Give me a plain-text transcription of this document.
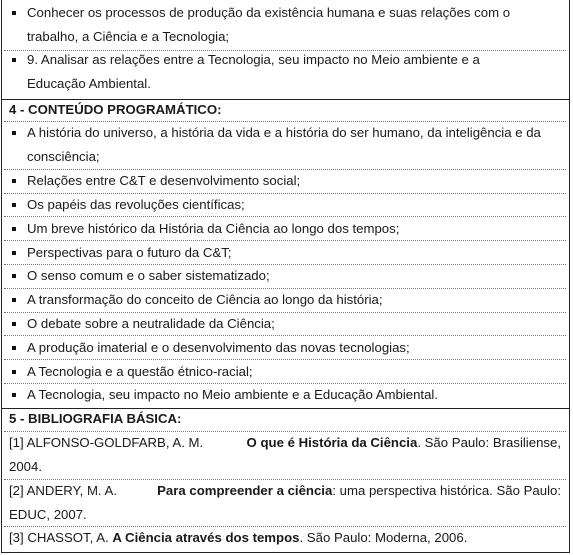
Conhecer os processos de produção da existência humana e suas relações com o
trabalho, a Ciência e a Tecnologia;
9. Analisar as relações entre a Tecnologia, seu impacto no Meio ambiente e a
Educação Ambiental.
4 - CONTEÚDO PROGRAMÁTICO:
A história do universo, a história da vida e a história do ser humano, da inteligência e da
consciência;
Relações entre C&T e desenvolvimento social;
Os papéis das revoluções científicas;
Um breve histórico da História da Ciência ao longo dos tempos;
Perspectivas para o futuro da C&T;
O senso comum e o saber sistematizado;
A transformação do conceito de Ciência ao longo da história;
O debate sobre a neutralidade da Ciência;
A produção imaterial e o desenvolvimento das novas tecnologias;
A Tecnologia e a questão étnico-racial;
A Tecnologia, seu impacto no Meio ambiente e a Educação Ambiental.
5 - BIBLIOGRAFIA BÁSICA:
[1] ALFONSO-GOLDFARB, A. M.	O que é História da Ciência. São Paulo: Brasiliense,
2004.
[2] ANDERY, M. A.	Para compreender a ciência: uma perspectiva histórica. São Paulo:
EDUC, 2007.
[3] CHASSOT, A. A Ciência através dos tempos. São Paulo: Moderna, 2006.
